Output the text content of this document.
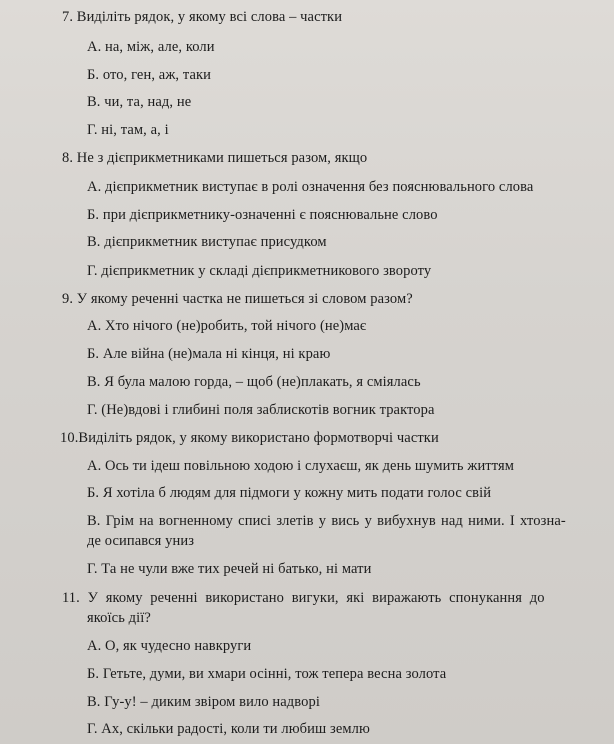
7. Виділіть рядок, у якому всі слова – частки
А. на, між, але, коли
Б. ото, ген, аж, таки
В. чи, та, над, не
Г. ні, там, а, і
8. Не з дієприкметниками пишеться разом, якщо
А. дієприкметник виступає в ролі означення без пояснювального слова
Б. при дієприкметнику-означенні є пояснювальне слово
В. дієприкметник виступає присудком
Г. дієприкметник у складі дієприкметникового звороту
9. У якому реченні частка не пишеться зі словом разом?
А. Хто нічого (не)робить, той нічого (не)має
Б. Але війна (не)мала ні кінця, ні краю
В. Я була малою горда, – щоб (не)плакать, я сміялась
Г. (Не)вдові і глибині поля заблискотів вогник трактора
10.Виділіть рядок, у якому використано формотворчі частки
А. Ось ти ідеш повільною ходою і слухаєш, як день шумить життям
Б. Я хотіла б людям для підмоги у кожну мить подати голос свій
В. Грім на вогненному списі злетів у вись у вибухнув над ними. І хтозна-
де осипався униз
Г. Та не чули вже тих речей ні батько, ні мати
11. У якому реченні використано вигуки, які виражають спонукання до
якоїсь дії?
А. О, як чудесно навкруги
Б. Гетьте, думи, ви хмари осінні, тож тепера весна золота
В. Гу-у! – диким звіром вило надворі
Г. Ах, скільки радості, коли ти любиш землю
